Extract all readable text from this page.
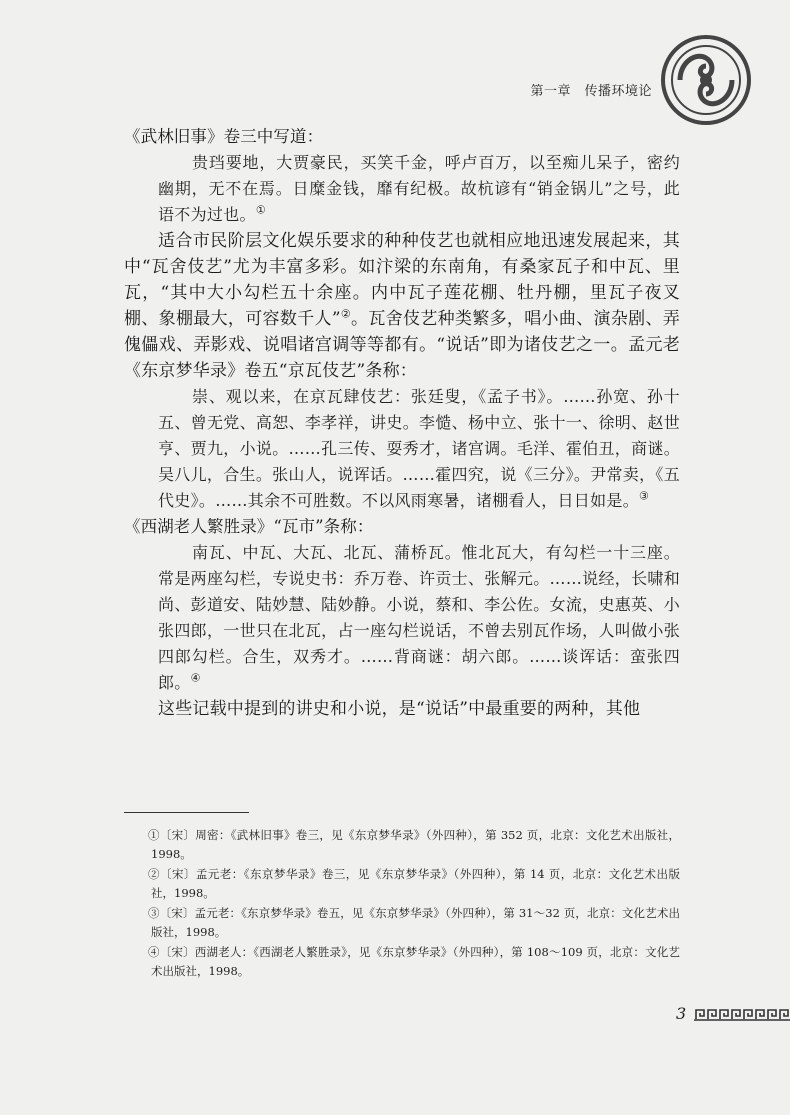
第一章　传播环境论

《武林旧事》卷三中写道：

贵珰要地，大贾豪民，买笑千金，呼卢百万，以至痴儿呆子，密约幽期，无不在焉。日糜金钱，靡有纪极。故杭谚有“销金锅儿”之号，此语不为过也。①

适合市民阶层文化娱乐要求的种种伎艺也就相应地迅速发展起来，其中“瓦舍伎艺”尤为丰富多彩。如汴梁的东南角，有桑家瓦子和中瓦、里瓦，“其中大小勾栏五十余座。内中瓦子莲花棚、牡丹棚，里瓦子夜叉棚、象棚最大，可容数千人”②。瓦舍伎艺种类繁多，唱小曲、演杂剧、弄傀儡戏、弄影戏、说唱诸宫调等等都有。“说话”即为诸伎艺之一。孟元老《东京梦华录》卷五“京瓦伎艺”条称：

崇、观以来，在京瓦肆伎艺：张廷叟，《孟子书》。……孙宽、孙十五、曾无党、高恕、李孝祥，讲史。李慥、杨中立、张十一、徐明、赵世亨、贾九，小说。……孔三传、耍秀才，诸宫调。毛洋、霍伯丑，商谜。吴八儿，合生。张山人，说诨话。……霍四究，说《三分》。尹常卖，《五代史》。……其余不可胜数。不以风雨寒暑，诸棚看人，日日如是。③

《西湖老人繁胜录》“瓦市”条称：

南瓦、中瓦、大瓦、北瓦、蒲桥瓦。惟北瓦大，有勾栏一十三座。常是两座勾栏，专说史书：乔万卷、许贡士、张解元。……说经，长啸和尚、彭道安、陆妙慧、陆妙静。小说，蔡和、李公佐。女流，史惠英、小张四郎，一世只在北瓦，占一座勾栏说话，不曾去别瓦作场，人叫做小张四郎勾栏。合生，双秀才。……背商谜：胡六郎。……谈诨话：蛮张四郎。④

这些记载中提到的讲史和小说，是“说话”中最重要的两种，其他

①〔宋〕周密：《武林旧事》卷三，见《东京梦华录》（外四种），第 352 页，北京：文化艺术出版社，1998。

②〔宋〕孟元老：《东京梦华录》卷三，见《东京梦华录》（外四种），第 14 页，北京：文化艺术出版社，1998。

③〔宋〕孟元老：《东京梦华录》卷五，见《东京梦华录》（外四种），第 31～32 页，北京：文化艺术出版社，1998。

④〔宋〕西湖老人：《西湖老人繁胜录》，见《东京梦华录》（外四种），第 108～109 页，北京：文化艺术出版社，1998。

3
